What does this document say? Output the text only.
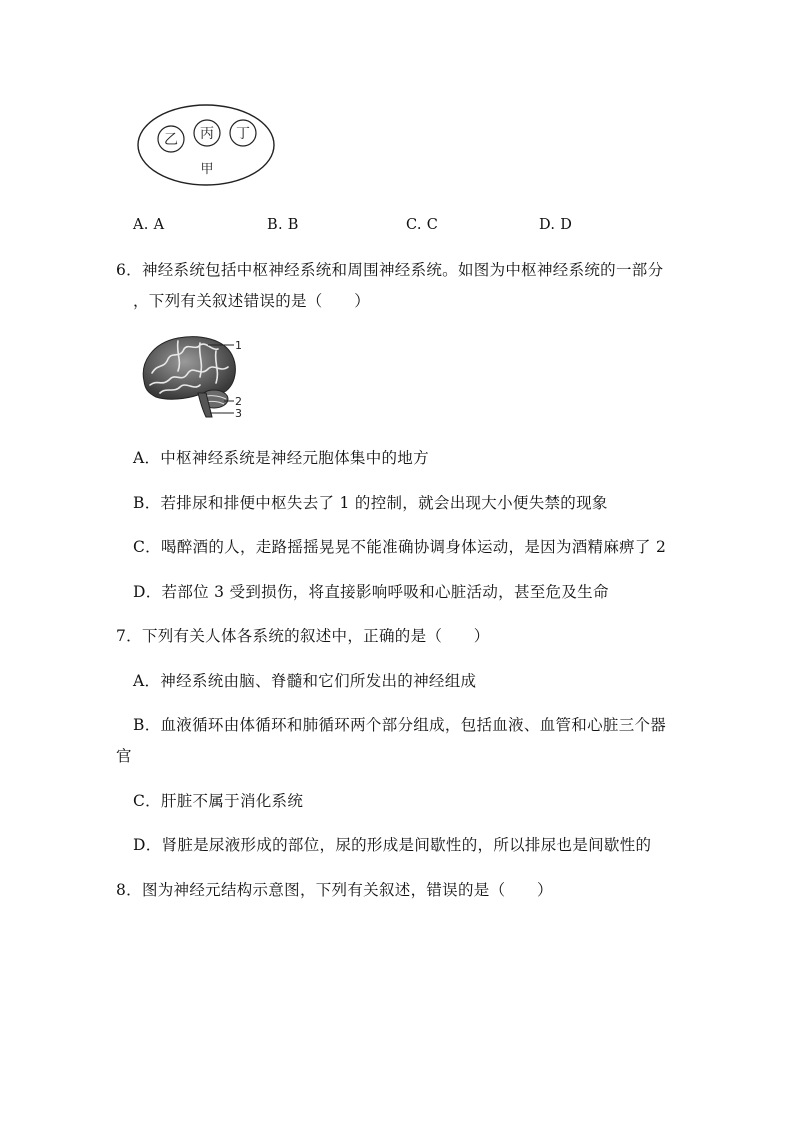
乙 丙 丁
甲
A. A	B. B	C. C	D. D
6．神经系统包括中枢神经系统和周围神经系统。如图为中枢神经系统的一部分
，下列有关叙述错误的是（　　）
1
2
3
A．中枢神经系统是神经元胞体集中的地方
B．若排尿和排便中枢失去了 1 的控制，就会出现大小便失禁的现象
C．喝醉酒的人，走路摇摇晃晃不能准确协调身体运动，是因为酒精麻痹了 2
D．若部位 3 受到损伤，将直接影响呼吸和心脏活动，甚至危及生命
7．下列有关人体各系统的叙述中，正确的是（　　）
A．神经系统由脑、脊髓和它们所发出的神经组成
B．血液循环由体循环和肺循环两个部分组成，包括血液、血管和心脏三个器
官
C．肝脏不属于消化系统
D．肾脏是尿液形成的部位，尿的形成是间歇性的，所以排尿也是间歇性的
8．图为神经元结构示意图，下列有关叙述，错误的是（　　）
